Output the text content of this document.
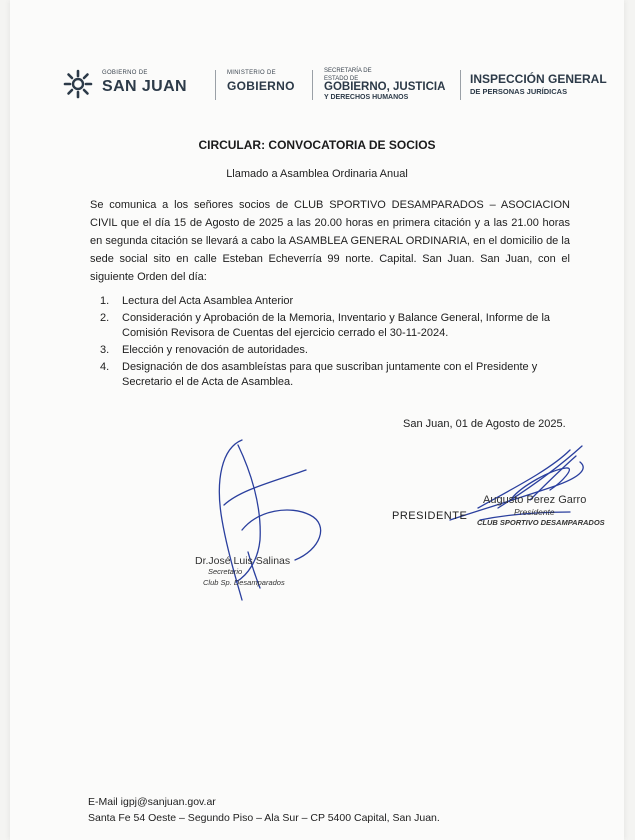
GOBIERNO DE
SAN JUAN
MINISTERIO DE
GOBIERNO
SECRETARÍA DE
ESTADO DE
GOBIERNO, JUSTICIA
Y DERECHOS HUMANOS
INSPECCIÓN GENERAL
DE PERSONAS JURÍDICAS
CIRCULAR: CONVOCATORIA DE SOCIOS
Llamado a Asamblea Ordinaria Anual
Se comunica a los señores socios de CLUB SPORTIVO DESAMPARADOS – ASOCIACION CIVIL que el día 15 de Agosto de 2025 a las 20.00 horas en primera citación y a las 21.00 horas en segunda citación se llevará a cabo la ASAMBLEA GENERAL ORDINARIA, en el domicilio de la sede social sito en calle Esteban Echeverría 99 norte. Capital. San Juan. San Juan, con el siguiente Orden del día:
1. Lectura del Acta Asamblea Anterior
2. Consideración y Aprobación de la Memoria, Inventario y Balance General, Informe de la Comisión Revisora de Cuentas del ejercicio cerrado el 30-11-2024.
3. Elección y renovación de autoridades.
4. Designación de dos asambleístas para que suscriban juntamente con el Presidente y Secretario el de Acta de Asamblea.
San Juan, 01 de Agosto de 2025.
PRESIDENTE
Augusto Perez Garro
Presidente
CLUB SPORTIVO DESAMPARADOS
Dr.José Luis Salinas
Secretario
Club Sp. Desamparados
E-Mail igpj@sanjuan.gov.ar
Santa Fe 54 Oeste – Segundo Piso – Ala Sur – CP 5400 Capital, San Juan.
